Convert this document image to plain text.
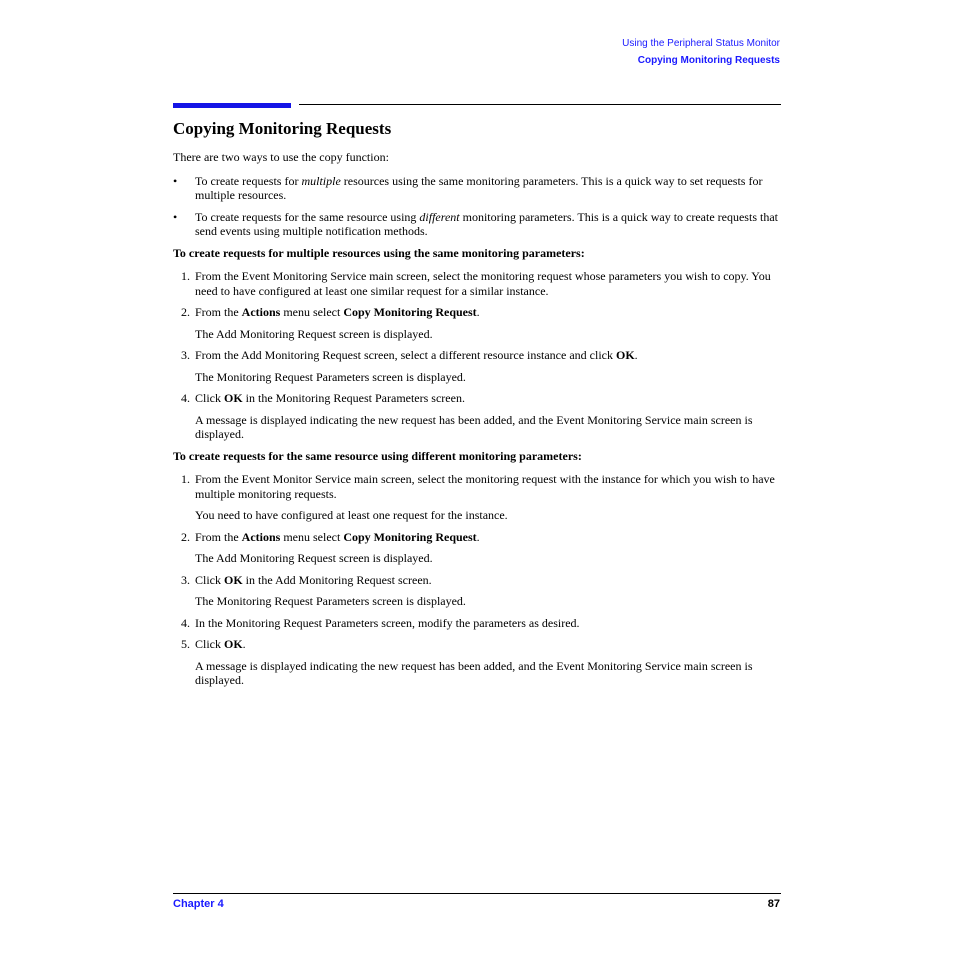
Using the Peripheral Status Monitor
Copying Monitoring Requests
Copying Monitoring Requests

There are two ways to use the copy function:

• To create requests for multiple resources using the same monitoring parameters. This is a quick way to set requests for multiple resources.
• To create requests for the same resource using different monitoring parameters. This is a quick way to create requests that send events using multiple notification methods.

To create requests for multiple resources using the same monitoring parameters:

1. From the Event Monitoring Service main screen, select the monitoring request whose parameters you wish to copy. You need to have configured at least one similar request for a similar instance.
2. From the Actions menu select Copy Monitoring Request.

The Add Monitoring Request screen is displayed.

3. From the Add Monitoring Request screen, select a different resource instance and click OK.

The Monitoring Request Parameters screen is displayed.

4. Click OK in the Monitoring Request Parameters screen.

A message is displayed indicating the new request has been added, and the Event Monitoring Service main screen is displayed.

To create requests for the same resource using different monitoring parameters:

1. From the Event Monitor Service main screen, select the monitoring request with the instance for which you wish to have multiple monitoring requests.

You need to have configured at least one request for the instance.

2. From the Actions menu select Copy Monitoring Request.

The Add Monitoring Request screen is displayed.

3. Click OK in the Add Monitoring Request screen.

The Monitoring Request Parameters screen is displayed.

4. In the Monitoring Request Parameters screen, modify the parameters as desired.
5. Click OK.

A message is displayed indicating the new request has been added, and the Event Monitoring Service main screen is displayed.

Chapter 4	87
